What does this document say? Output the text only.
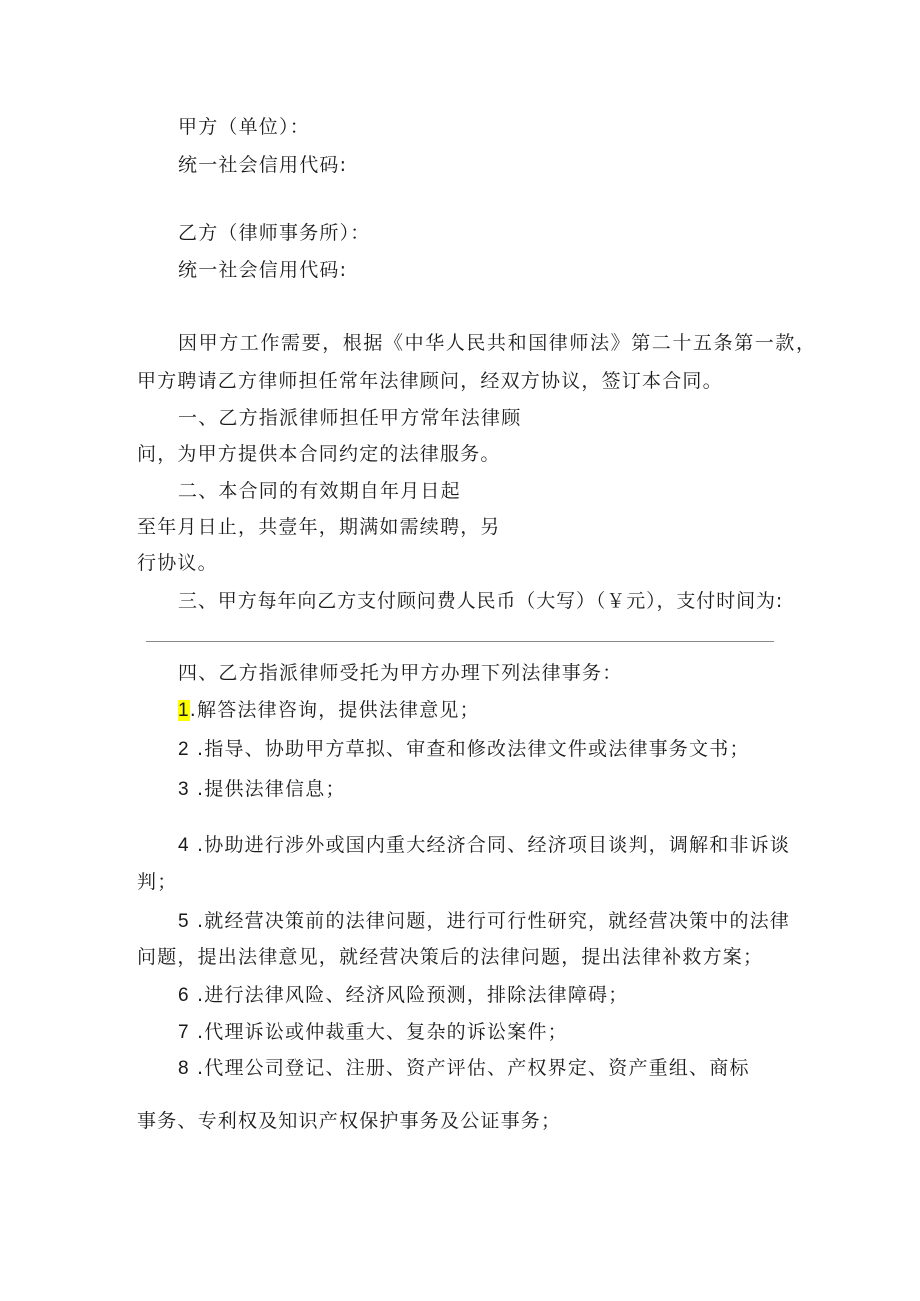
甲方（单位）：
统一社会信用代码:
乙方（律师事务所）：
统一社会信用代码:
因甲方工作需要，根据《中华人民共和国律师法》第二十五条第一款，
甲方聘请乙方律师担任常年法律顾问，经双方协议，签订本合同。
一、乙方指派律师担任甲方常年法律顾
问，为甲方提供本合同约定的法律服务。
二、本合同的有效期自年月日起
至年月日止，共壹年，期满如需续聘，另
行协议。
三、甲方每年向乙方支付顾问费人民币（大写）（￥元），支付时间为:
四、乙方指派律师受托为甲方办理下列法律事务：
1.解答法律咨询，提供法律意见；
2 .指导、协助甲方草拟、审查和修改法律文件或法律事务文书；
3 .提供法律信息；
4 .协助进行涉外或国内重大经济合同、经济项目谈判，调解和非诉谈
判；
5 .就经营决策前的法律问题，进行可行性研究，就经营决策中的法律
问题，提出法律意见，就经营决策后的法律问题，提出法律补救方案；
6 .进行法律风险、经济风险预测，排除法律障碍；
7 .代理诉讼或仲裁重大、复杂的诉讼案件；
8 .代理公司登记、注册、资产评估、产权界定、资产重组、商标
事务、专利权及知识产权保护事务及公证事务；
